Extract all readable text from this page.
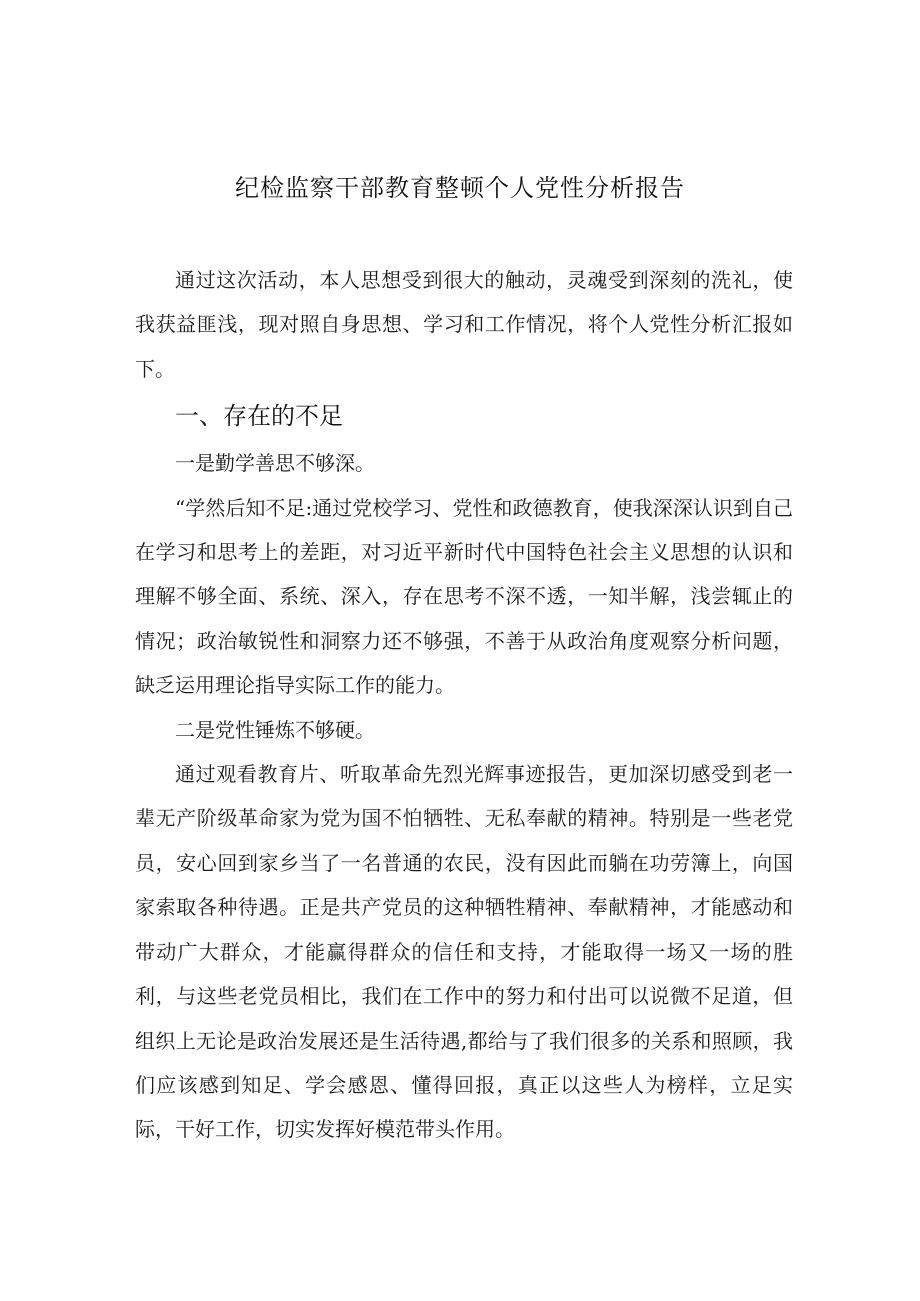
纪检监察干部教育整顿个人党性分析报告

通过这次活动，本人思想受到很大的触动，灵魂受到深刻的洗礼，使我获益匪浅，现对照自身思想、学习和工作情况，将个人党性分析汇报如下。

一、存在的不足

一是勤学善思不够深。

“学然后知不足:通过党校学习、党性和政德教育，使我深深认识到自己在学习和思考上的差距，对习近平新时代中国特色社会主义思想的认识和理解不够全面、系统、深入，存在思考不深不透，一知半解，浅尝辄止的情况；政治敏锐性和洞察力还不够强，不善于从政治角度观察分析问题，缺乏运用理论指导实际工作的能力。

二是党性锤炼不够硬。

通过观看教育片、听取革命先烈光辉事迹报告，更加深切感受到老一辈无产阶级革命家为党为国不怕牺牲、无私奉献的精神。特别是一些老党员，安心回到家乡当了一名普通的农民，没有因此而躺在功劳簿上，向国家索取各种待遇。正是共产党员的这种牺牲精神、奉献精神，才能感动和带动广大群众，才能赢得群众的信任和支持，才能取得一场又一场的胜利，与这些老党员相比，我们在工作中的努力和付出可以说微不足道，但组织上无论是政治发展还是生活待遇,都给与了我们很多的关系和照顾，我们应该感到知足、学会感恩、懂得回报，真正以这些人为榜样，立足实际，干好工作，切实发挥好模范带头作用。
